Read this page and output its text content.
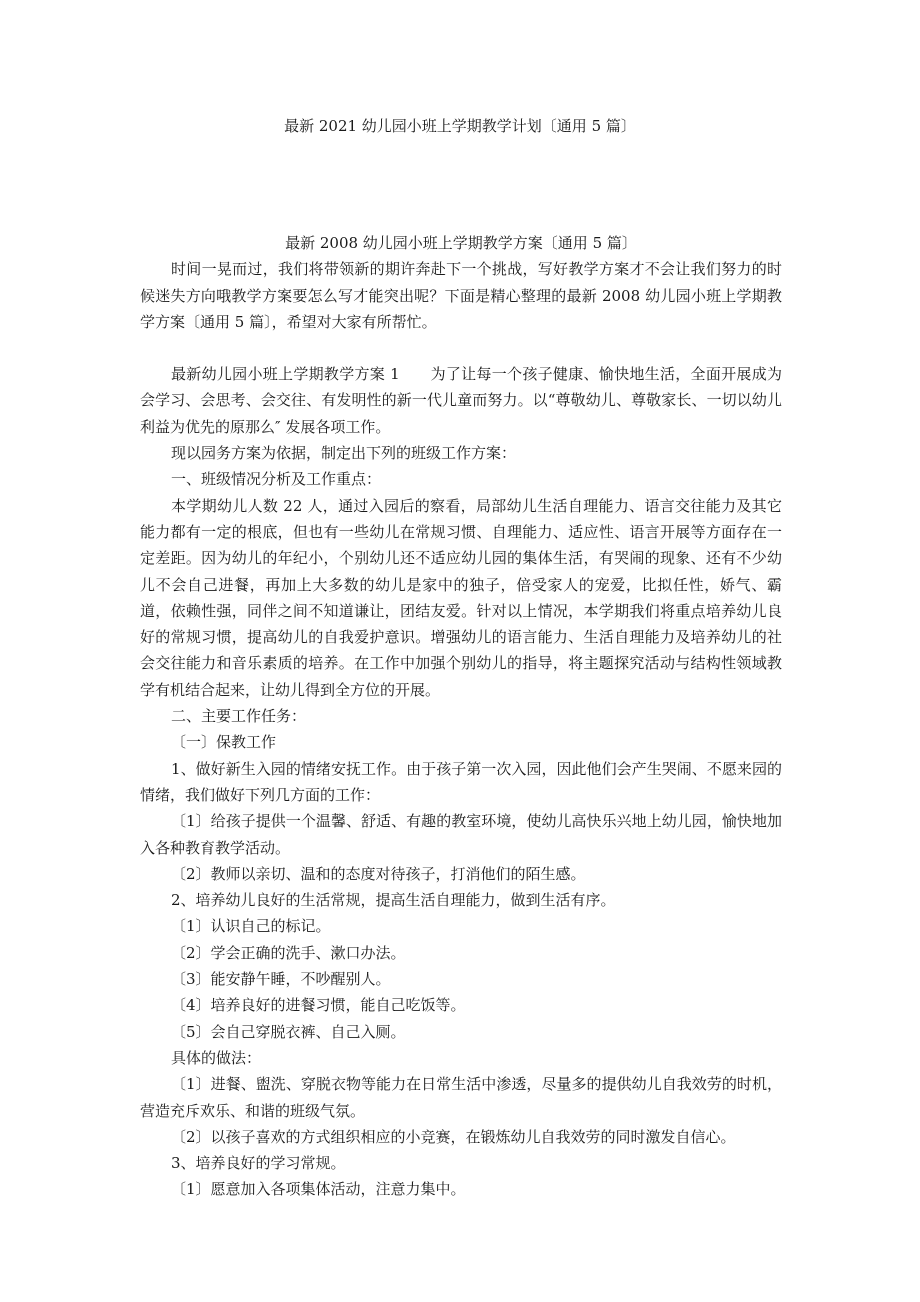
最新 2021 幼儿园小班上学期教学计划〔通用 5 篇〕

最新 2008 幼儿园小班上学期教学方案〔通用 5 篇〕

时间一晃而过，我们将带领新的期许奔赴下一个挑战，写好教学方案才不会让我们努力的时候迷失方向哦教学方案要怎么写才能突出呢？下面是精心整理的最新 2008 幼儿园小班上学期教学方案〔通用 5 篇〕，希望对大家有所帮忙。

最新幼儿园小班上学期教学方案 1　　为了让每一个孩子健康、愉快地生活，全面开展成为会学习、会思考、会交往、有发明性的新一代儿童而努力。以“尊敬幼儿、尊敬家长、一切以幼儿利益为优先的原那么″ 发展各项工作。

现以园务方案为依据，制定出下列的班级工作方案：

一、班级情况分析及工作重点：

本学期幼儿人数 22 人，通过入园后的察看，局部幼儿生活自理能力、语言交往能力及其它能力都有一定的根底，但也有一些幼儿在常规习惯、自理能力、适应性、语言开展等方面存在一定差距。因为幼儿的年纪小，个别幼儿还不适应幼儿园的集体生活，有哭闹的现象、还有不少幼儿不会自己进餐，再加上大多数的幼儿是家中的独子，倍受家人的宠爱，比拟任性，娇气、霸道，依赖性强，同伴之间不知道谦让，团结友爱。针对以上情况，本学期我们将重点培养幼儿良好的常规习惯，提高幼儿的自我爱护意识。增强幼儿的语言能力、生活自理能力及培养幼儿的社会交往能力和音乐素质的培养。在工作中加强个别幼儿的指导，将主题探究活动与结构性领域教学有机结合起来，让幼儿得到全方位的开展。

二、主要工作任务：

〔一〕保教工作

1、做好新生入园的情绪安抚工作。由于孩子第一次入园，因此他们会产生哭闹、不愿来园的情绪，我们做好下列几方面的工作：

〔1〕给孩子提供一个温馨、舒适、有趣的教室环境，使幼儿高快乐兴地上幼儿园，愉快地加入各种教育教学活动。

〔2〕教师以亲切、温和的态度对待孩子，打消他们的陌生感。

2、培养幼儿良好的生活常规，提高生活自理能力，做到生活有序。

〔1〕认识自己的标记。

〔2〕学会正确的洗手、漱口办法。

〔3〕能安静午睡，不吵醒别人。

〔4〕培养良好的进餐习惯，能自己吃饭等。

〔5〕会自己穿脱衣裤、自己入厕。

具体的做法：

〔1〕进餐、盥洗、穿脱衣物等能力在日常生活中渗透，尽量多的提供幼儿自我效劳的时机，营造充斥欢乐、和谐的班级气氛。

〔2〕以孩子喜欢的方式组织相应的小竞赛，在锻炼幼儿自我效劳的同时激发自信心。

3、培养良好的学习常规。

〔1〕愿意加入各项集体活动，注意力集中。
